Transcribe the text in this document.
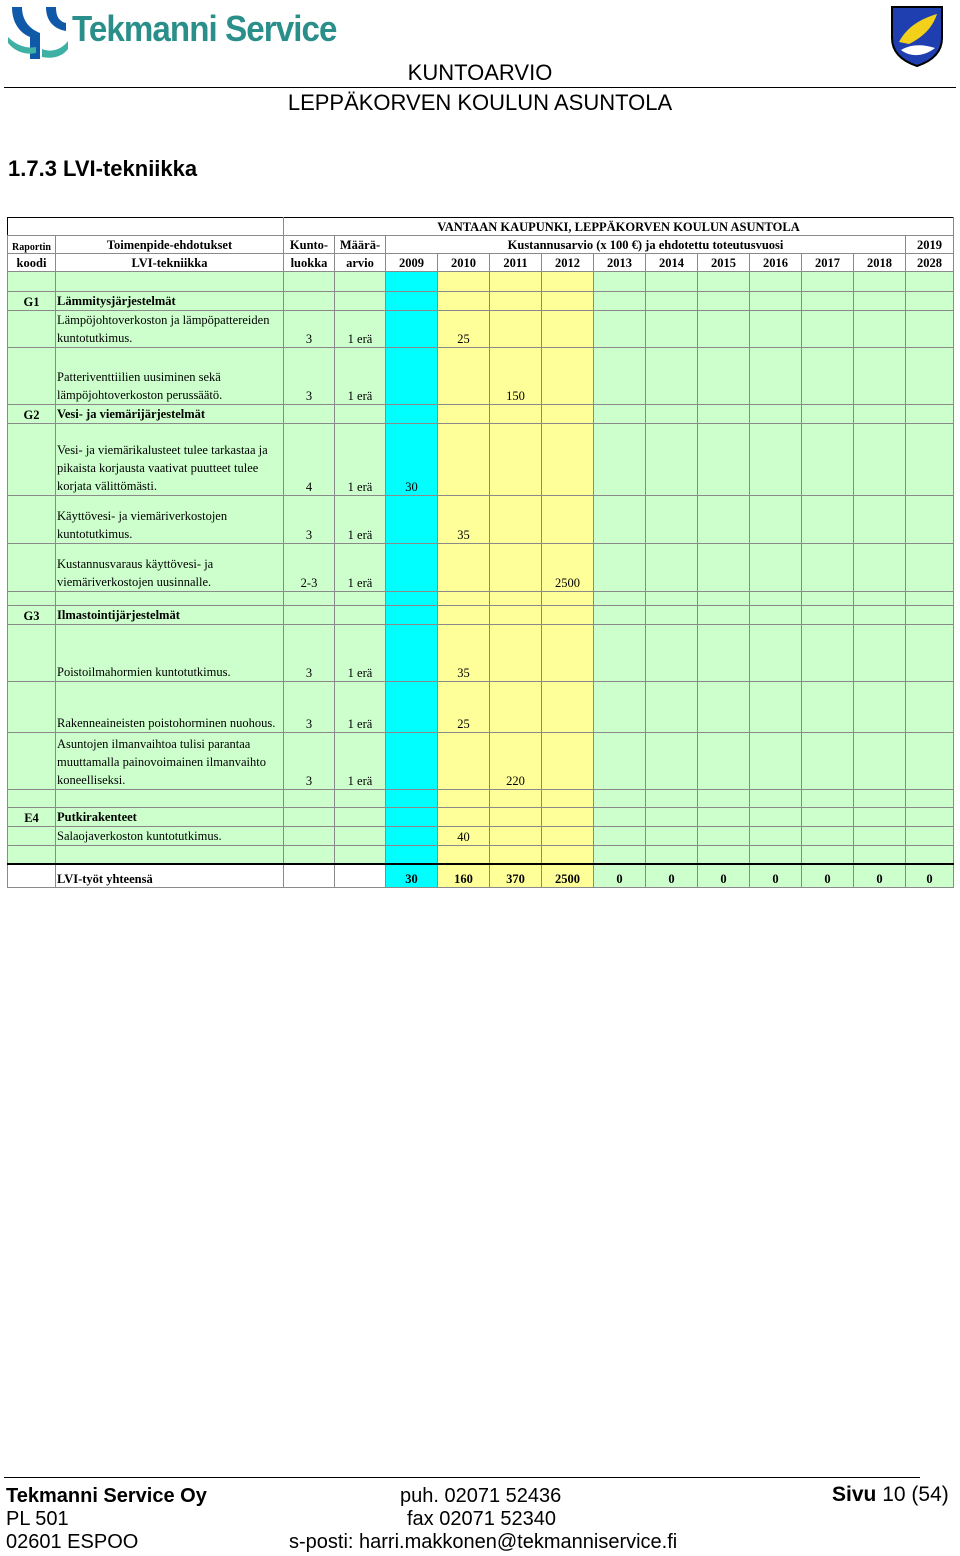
Tekmanni Service
KUNTOARVIO
LEPPÄKORVEN KOULUN ASUNTOLA
1.7.3 LVI-tekniikka
		VANTAAN KAUPUNKI, LEPPÄKORVEN KOULUN ASUNTOLA												
Raportin	Toimenpide-ehdotukset	Kunto-	Määrä-	Kustannusarvio (x 100 €) ja ehdotettu toteutusvuosi										2019
koodi	LVI-tekniikka	luokka	arvio	2009	2010	2011	2012	2013	2014	2015	2016	2017	2018	2028

G1	Lämmitysjärjestelmät													
	Lämpöjohtoverkoston ja lämpöpattereiden kuntotutkimus.	3	1 erä		25									
	Patteriventtiilien uusiminen sekä lämpöjohtoverkoston perussäätö.	3	1 erä			150								
G2	Vesi- ja viemärijärjestelmät													
	Vesi- ja viemärikalusteet tulee tarkastaa ja pikaista korjausta vaativat puutteet tulee korjata välittömästi.	4	1 erä	30										
	Käyttövesi- ja viemäriverkostojen kuntotutkimus.	3	1 erä		35									
	Kustannusvaraus käyttövesi- ja viemäriverkostojen uusinnalle.	2-3	1 erä				2500							

G3	Ilmastointijärjestelmät													
	Poistoilmahormien kuntotutkimus.	3	1 erä		35									
	Rakenneaineisten poistohorminen nuohous.	3	1 erä		25									
	Asuntojen ilmanvaihtoa tulisi parantaa muuttamalla painovoimainen ilmanvaihto koneelliseksi.	3	1 erä			220								

E4	Putkirakenteet													
	Salaojaverkoston kuntotutkimus.				40									

	LVI-työt yhteensä			30	160	370	2500	0	0	0	0	0	0	0
Tekmanni Service Oy
PL 501
02601 ESPOO
puh. 02071 52436
fax 02071 52340
s-posti: harri.makkonen@tekmanniservice.fi
Sivu 10 (54)
